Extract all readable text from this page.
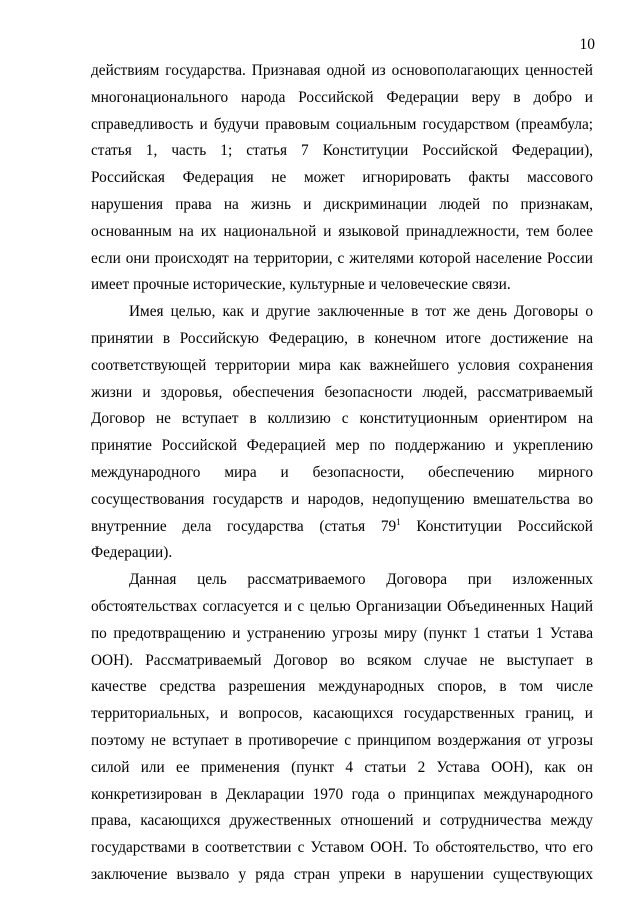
10
действиям государства. Признавая одной из основополагающих ценностей
многонационального народа Российской Федерации веру в добро и
справедливость и будучи правовым социальным государством (преамбула;
статья 1, часть 1; статья 7 Конституции Российской Федерации),
Российская Федерация не может игнорировать факты массового
нарушения права на жизнь и дискриминации людей по признакам,
основанным на их национальной и языковой принадлежности, тем более
если они происходят на территории, с жителями которой население России
имеет прочные исторические, культурные и человеческие связи.
Имея целью, как и другие заключенные в тот же день Договоры о
принятии в Российскую Федерацию, в конечном итоге достижение на
соответствующей территории мира как важнейшего условия сохранения
жизни и здоровья, обеспечения безопасности людей, рассматриваемый
Договор не вступает в коллизию с конституционным ориентиром на
принятие Российской Федерацией мер по поддержанию и укреплению
международного мира и безопасности, обеспечению мирного
сосуществования государств и народов, недопущению вмешательства во
внутренние дела государства (статья $79^1$ Конституции Российской
Федерации).
Данная цель рассматриваемого Договора при изложенных
обстоятельствах согласуется и с целью Организации Объединенных Наций
по предотвращению и устранению угрозы миру (пункт 1 статьи 1 Устава
ООН). Рассматриваемый Договор во всяком случае не выступает в
качестве средства разрешения международных споров, в том числе
территориальных, и вопросов, касающихся государственных границ, и
поэтому не вступает в противоречие с принципом воздержания от угрозы
силой или ее применения (пункт 4 статьи 2 Устава ООН), как он
конкретизирован в Декларации 1970 года о принципах международного
права, касающихся дружественных отношений и сотрудничества между
государствами в соответствии с Уставом ООН. То обстоятельство, что его
заключение вызвало у ряда стран упреки в нарушении существующих
